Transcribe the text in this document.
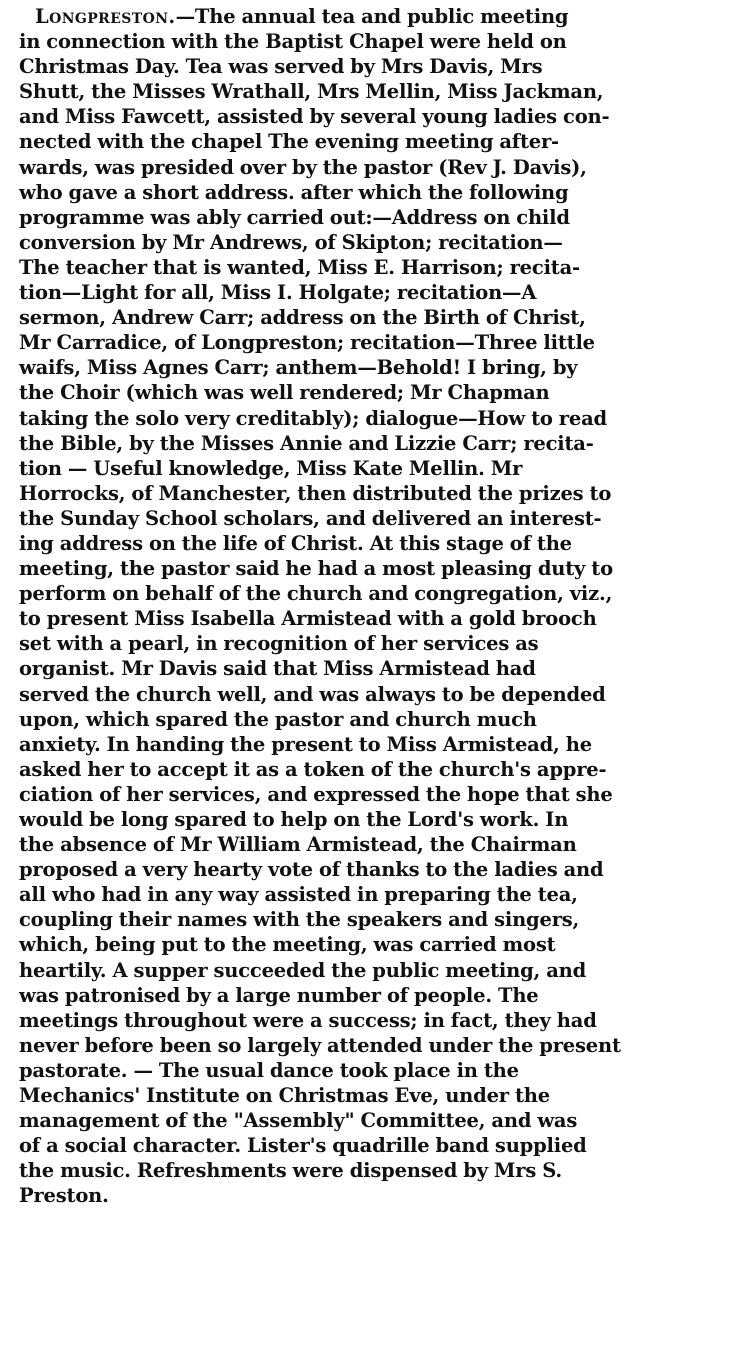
Longpreston.—The annual tea and public meeting
in connection with the Baptist Chapel were held on
Christmas Day. Tea was served by Mrs Davis, Mrs
Shutt, the Misses Wrathall, Mrs Mellin, Miss Jackman,
and Miss Fawcett, assisted by several young ladies con-
nected with the chapel The evening meeting after-
wards, was presided over by the pastor (Rev J. Davis),
who gave a short address. after which the following
programme was ably carried out:—Address on child
conversion by Mr Andrews, of Skipton; recitation—
The teacher that is wanted, Miss E. Harrison; recita-
tion—Light for all, Miss I. Holgate; recitation—A
sermon, Andrew Carr; address on the Birth of Christ,
Mr Carradice, of Longpreston; recitation—Three little
waifs, Miss Agnes Carr; anthem—Behold! I bring, by
the Choir (which was well rendered; Mr Chapman
taking the solo very creditably); dialogue—How to read
the Bible, by the Misses Annie and Lizzie Carr; recita-
tion — Useful knowledge, Miss Kate Mellin. Mr
Horrocks, of Manchester, then distributed the prizes to
the Sunday School scholars, and delivered an interest-
ing address on the life of Christ. At this stage of the
meeting, the pastor said he had a most pleasing duty to
perform on behalf of the church and congregation, viz.,
to present Miss Isabella Armistead with a gold brooch
set with a pearl, in recognition of her services as
organist. Mr Davis said that Miss Armistead had
served the church well, and was always to be depended
upon, which spared the pastor and church much
anxiety. In handing the present to Miss Armistead, he
asked her to accept it as a token of the church's appre-
ciation of her services, and expressed the hope that she
would be long spared to help on the Lord's work. In
the absence of Mr William Armistead, the Chairman
proposed a very hearty vote of thanks to the ladies and
all who had in any way assisted in preparing the tea,
coupling their names with the speakers and singers,
which, being put to the meeting, was carried most
heartily. A supper succeeded the public meeting, and
was patronised by a large number of people. The
meetings throughout were a success; in fact, they had
never before been so largely attended under the present
pastorate. — The usual dance took place in the
Mechanics' Institute on Christmas Eve, under the
management of the "Assembly" Committee, and was
of a social character. Lister's quadrille band supplied
the music. Refreshments were dispensed by Mrs S.
Preston.
